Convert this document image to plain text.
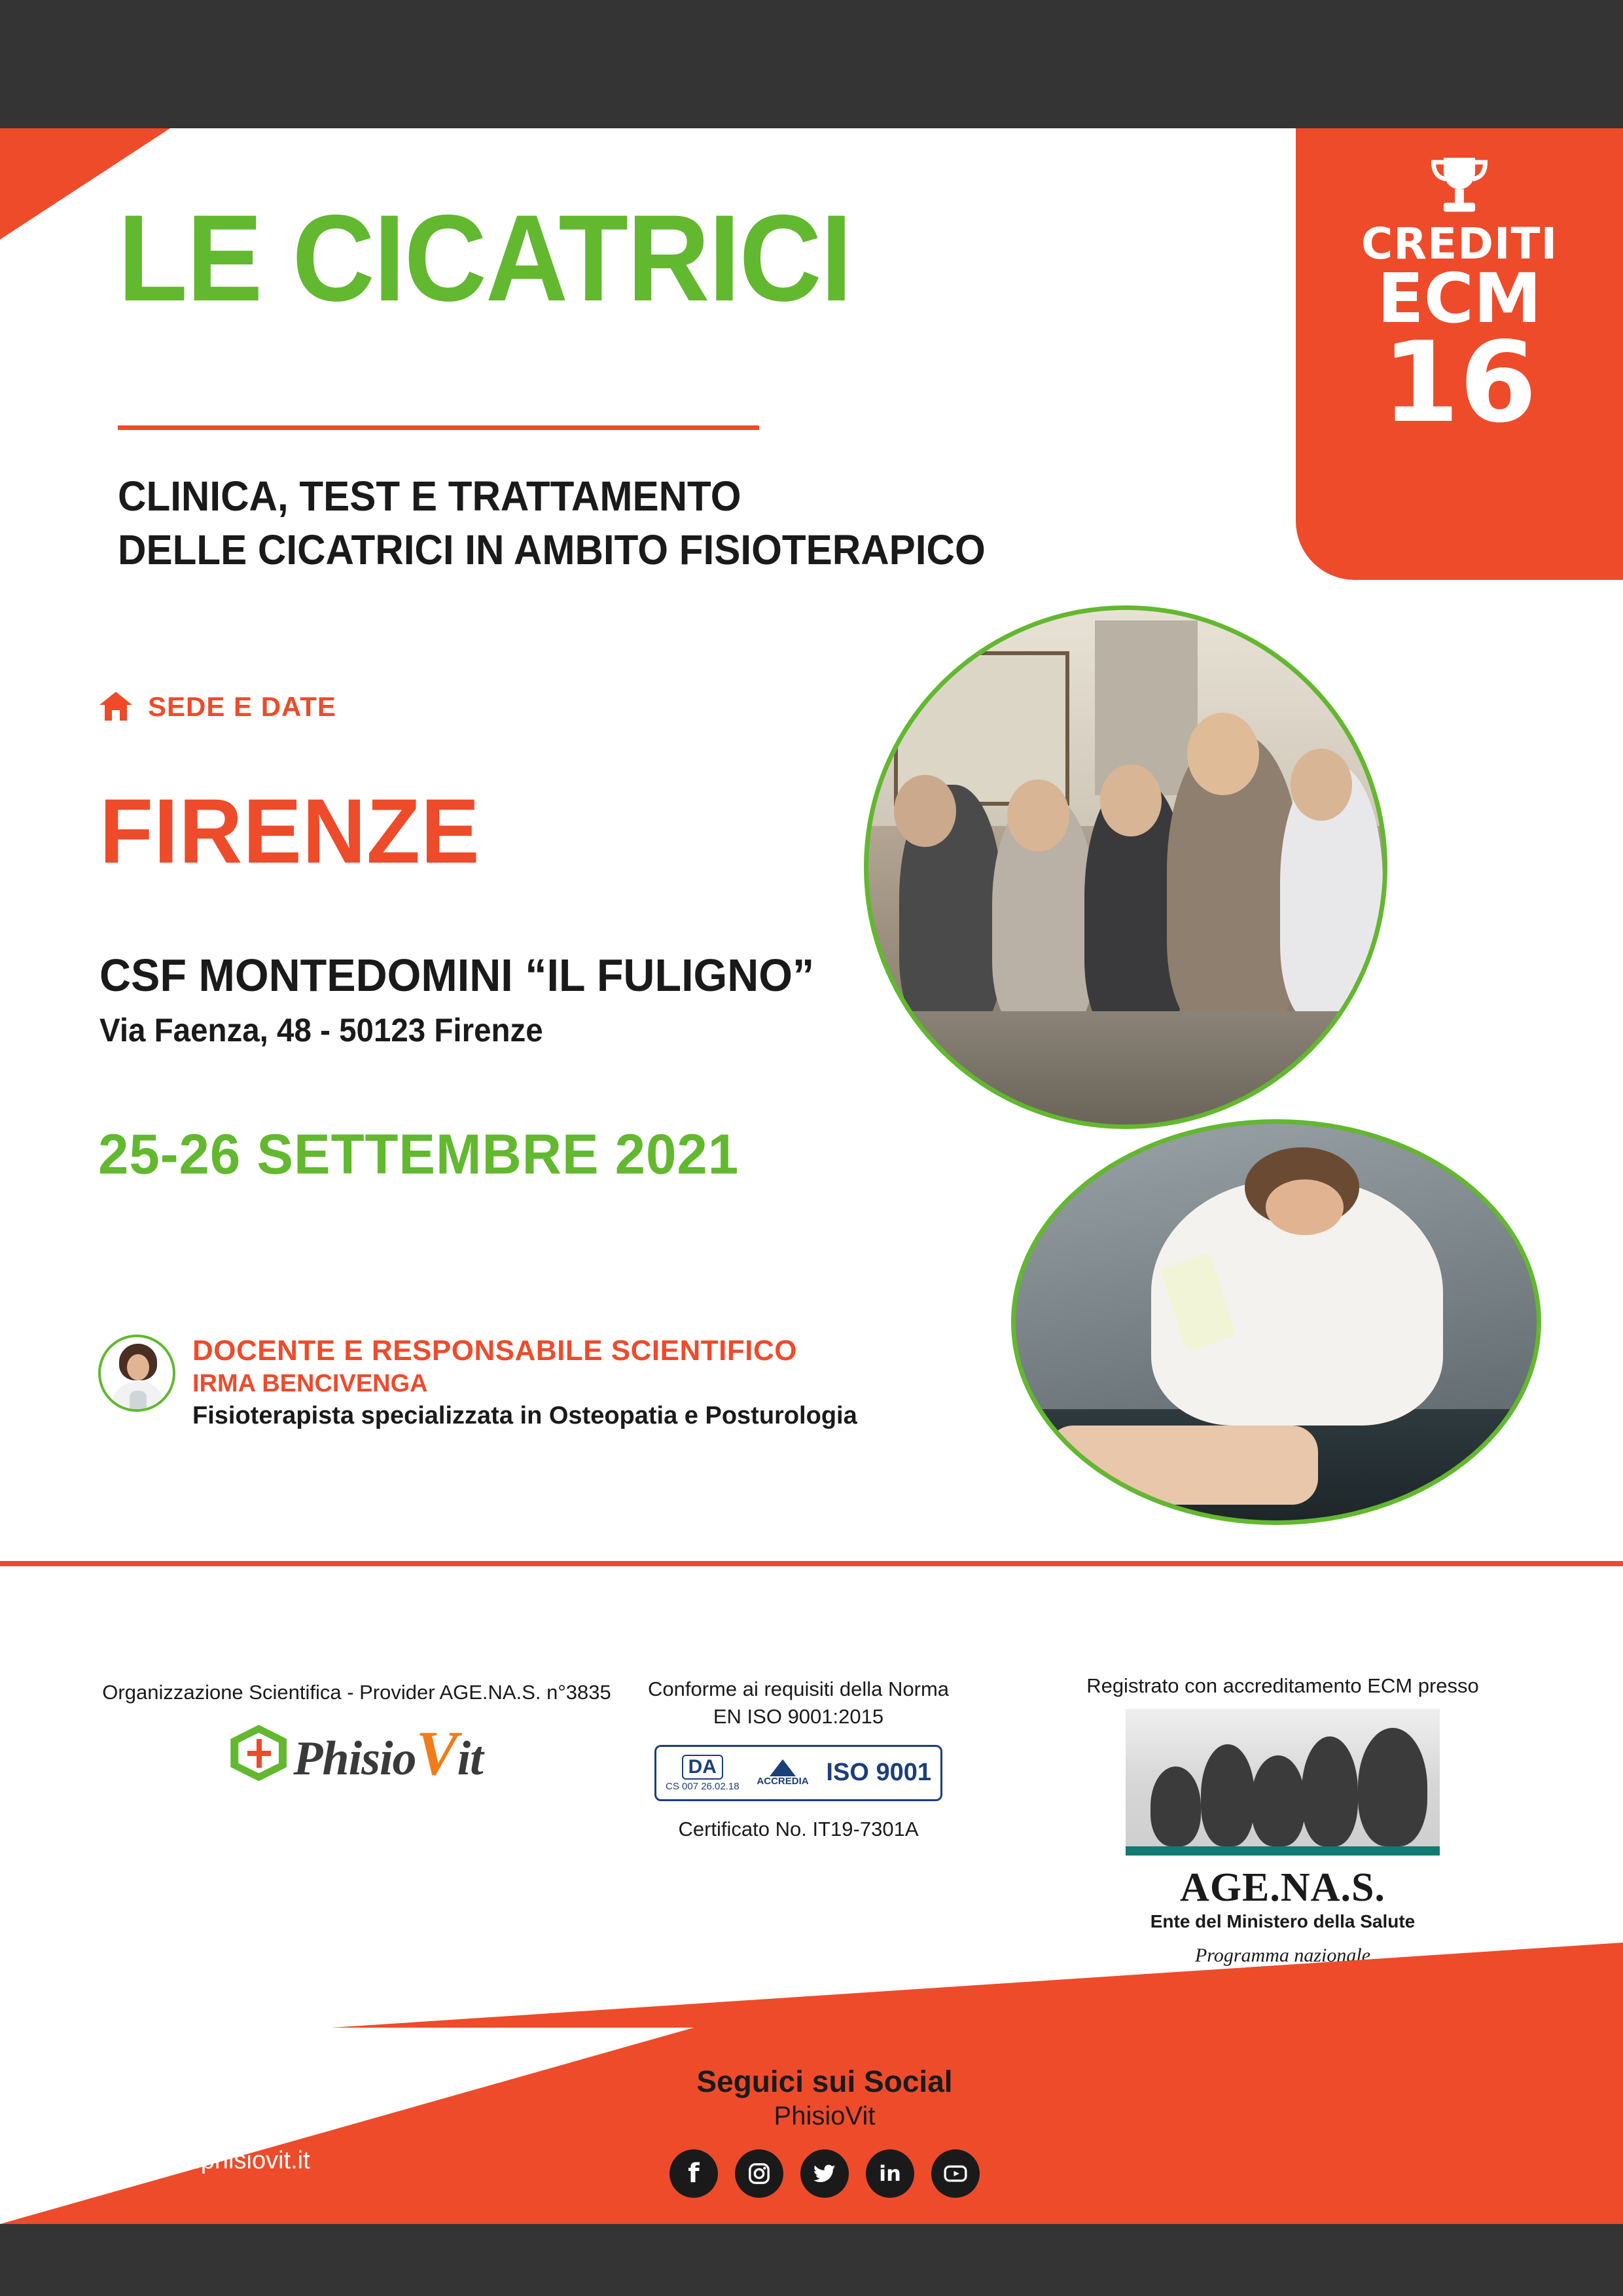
CREDITI
ECM
16
LE CICATRICI
CLINICA, TEST E TRATTAMENTO
DELLE CICATRICI IN AMBITO FISIOTERAPICO
SEDE E DATE
FIRENZE
CSF MONTEDOMINI “IL FULIGNO”
Via Faenza, 48 - 50123 Firenze
25-26 SETTEMBRE 2021
DOCENTE E RESPONSABILE SCIENTIFICO
IRMA BENCIVENGA
Fisioterapista specializzata in Osteopatia e Posturologia
Organizzazione Scientifica - Provider AGE.NA.S. n°3835
PhisioVit
Conforme ai requisiti della Norma
EN ISO 9001:2015
DA
CS 007 26.02.18 ACCREDIA ISO 9001
Certificato No. IT19-7301A
Registrato con accreditamento ECM presso
AGE.NA.S.
Ente del Ministero della Salute
Programma nazionale
Info
338 10 83 545
info@phisiovit.it
www.phisiovit.it
Seguici sui Social
PhisioVit
f	in
